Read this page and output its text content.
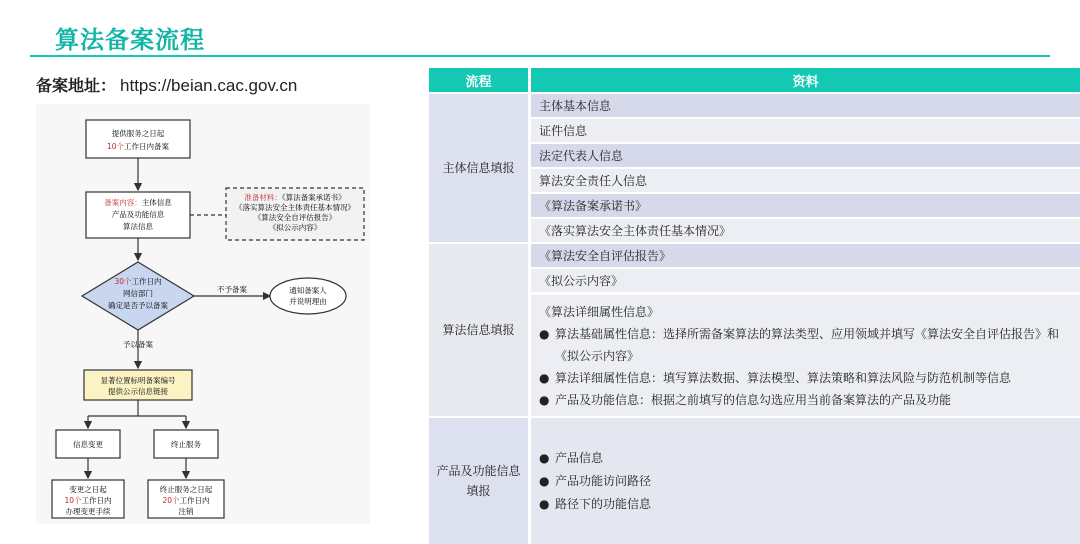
算法备案流程
备案地址： https://beian.cac.gov.cn
提供服务之日起
10个工作日内备案
备案内容：主体信息
产品及功能信息
算法信息
准备材料：《算法备案承诺书》
《落实算法安全主体责任基本情况》
《算法安全自评估报告》
《拟公示内容》
30个工作日内
网信部门
确定是否予以备案
不予备案	通知备案人
并说明理由
予以备案
显著位置标明备案编号
提供公示信息链接
信息变更	终止服务
变更之日起
10个工作日内
办理变更手续
终止服务之日起
20个工作日内
注销
流程	资料
主体信息填报
主体基本信息
证件信息
法定代表人信息
算法安全责任人信息
《算法备案承诺书》
《落实算法安全主体责任基本情况》
算法信息填报
《算法安全自评估报告》
《拟公示内容》
《算法详细属性信息》
● 算法基础属性信息：选择所需备案算法的算法类型、应用领域并填写《算法安全自评估报告》和《拟公示内容》
● 算法详细属性信息：填写算法数据、算法模型、算法策略和算法风险与防范机制等信息
● 产品及功能信息：根据之前填写的信息勾选应用当前备案算法的产品及功能
产品及功能信息填报
● 产品信息
● 产品功能访问路径
● 路径下的功能信息
